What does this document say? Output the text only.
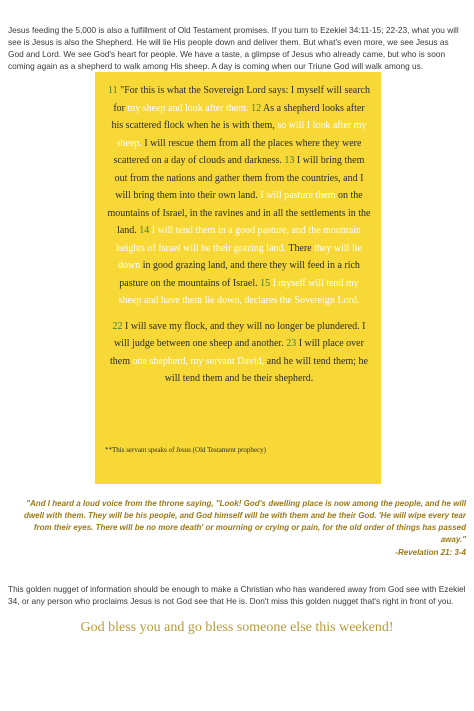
Jesus feeding the 5,000 is also a fulfillment of Old Testament promises. If you turn to Ezekiel 34:11-15; 22-23, what you will see is Jesus is also the Shepherd. He will lie His people down and deliver them. But what's even more, we see Jesus as God and Lord. We see God's heart for people. We have a taste, a glimpse of Jesus who already came, but who is soon coming again as a shepherd to walk among His sheep. A day is coming when our Triune God will walk among us.

11 "For this is what the Sovereign Lord says: I myself will search for my sheep and look after them. 12 As a shepherd looks after his scattered flock when he is with them, so will I look after my sheep. I will rescue them from all the places where they were scattered on a day of clouds and darkness. 13 I will bring them out from the nations and gather them from the countries, and I will bring them into their own land. I will pasture them on the mountains of Israel, in the ravines and in all the settlements in the land. 14 I will tend them in a good pasture, and the mountain heights of Israel will be their grazing land. There they will lie down in good grazing land, and there they will feed in a rich pasture on the mountains of Israel. 15 I myself will tend my sheep and have them lie down, declares the Sovereign Lord.

22 I will save my flock, and they will no longer be plundered. I will judge between one sheep and another. 23 I will place over them one shepherd, my servant David, and he will tend them; he will tend them and be their shepherd.

**This servant speaks of Jesus (Old Testament prophecy)
"And I heard a loud voice from the throne saying, "Look! God's dwelling place is now among the people, and he will dwell with them. They will be his people, and God himself will be with them and be their God. 'He will wipe every tear from their eyes. There will be no more death' or mourning or crying or pain, for the old order of things has passed away."
-Revelation 21: 3-4

This golden nugget of information should be enough to make a Christian who has wandered away from God see with Ezekiel 34, or any person who proclaims Jesus is not God see that He is. Don't miss this golden nugget that's right in front of you.

God bless you and go bless someone else this weekend!
